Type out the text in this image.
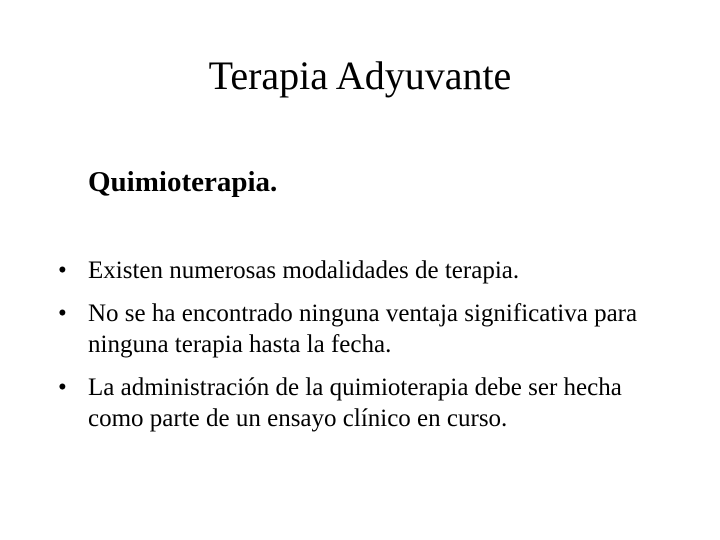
Terapia Adyuvante
Quimioterapia.
• Existen numerosas modalidades de terapia.
• No se ha encontrado ninguna ventaja significativa para ninguna terapia hasta la fecha.
• La administración de la quimioterapia debe ser hecha como parte de un ensayo clínico en curso.
